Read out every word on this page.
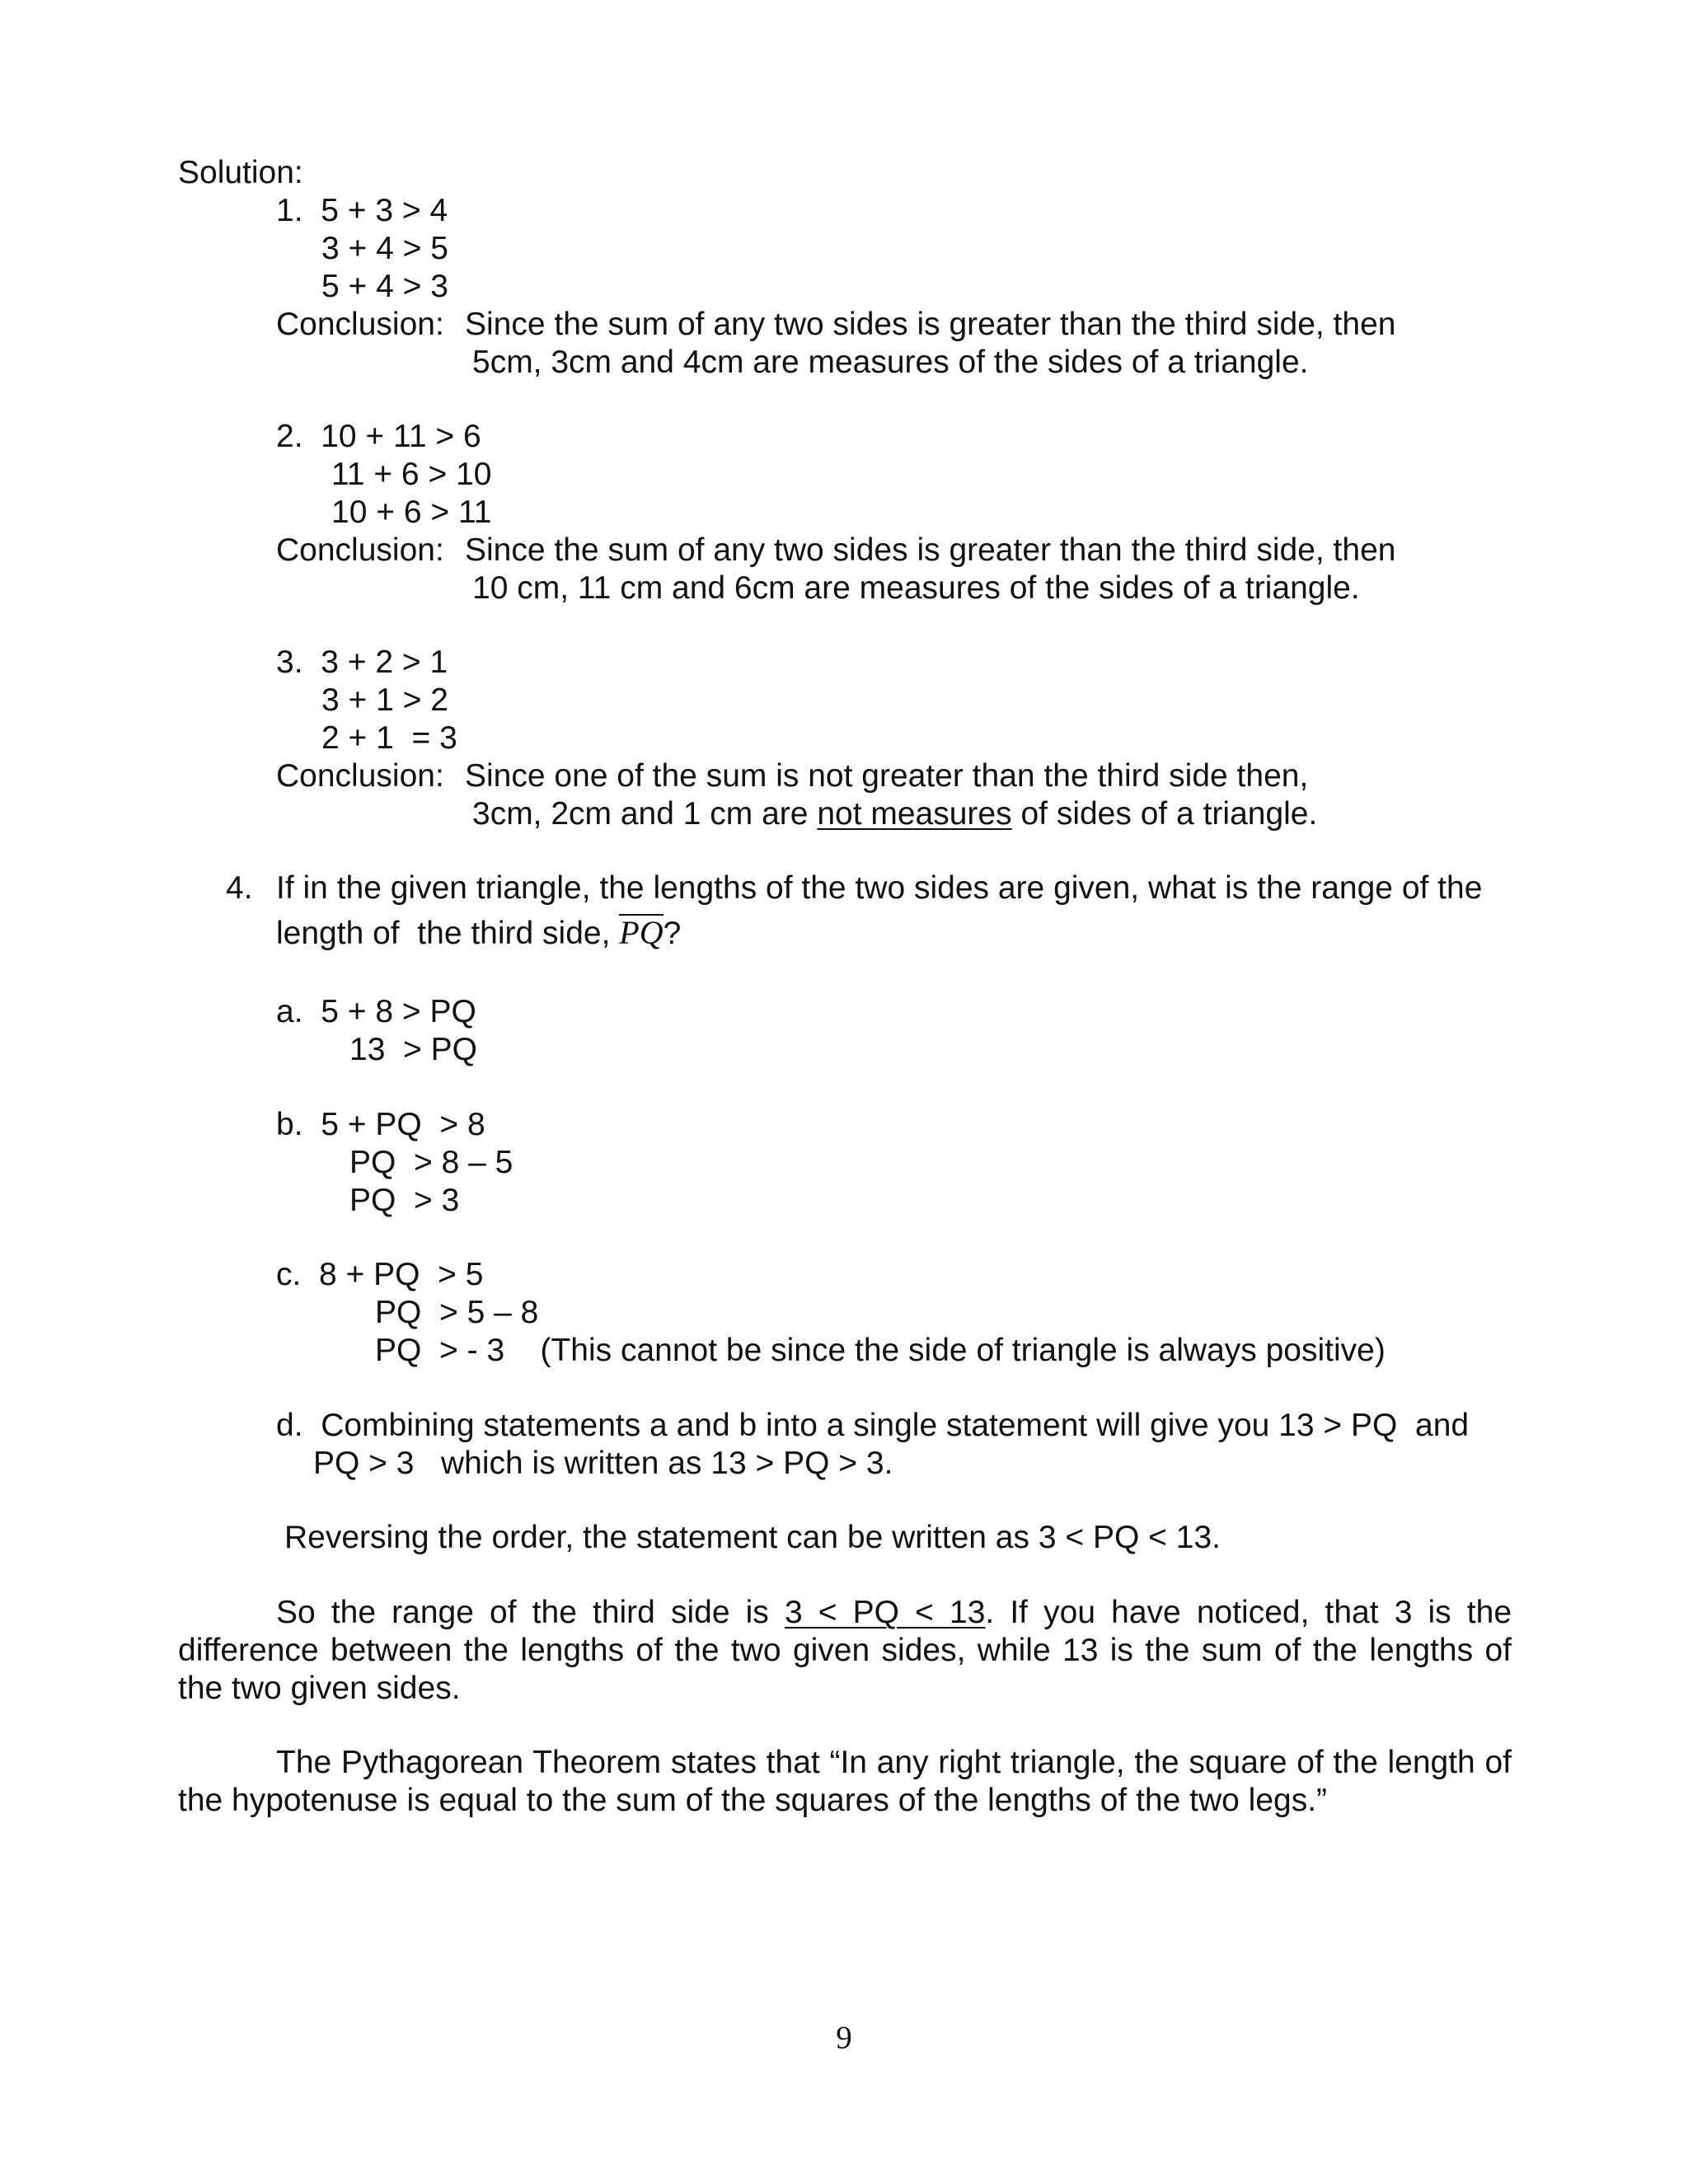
Solution:
1.  5 + 3 > 4
3 + 4 > 5
5 + 4 > 3
Conclusion: Since the sum of any two sides is greater than the third side, then
5cm, 3cm and 4cm are measures of the sides of a triangle.
2.  10 + 11 > 6
11 + 6 > 10
10 + 6 > 11
Conclusion: Since the sum of any two sides is greater than the third side, then
10 cm, 11 cm and 6cm are measures of the sides of a triangle.
3.  3 + 2 > 1
3 + 1 > 2
2 + 1  = 3
Conclusion: Since one of the sum is not greater than the third side then,
3cm, 2cm and 1 cm are not measures of sides of a triangle.
4. If in the given triangle, the lengths of the two sides are given, what is the range of the
length of  the third side, PQ?
a.  5 + 8 > PQ
13  > PQ
b.  5 + PQ  > 8
PQ  > 8 – 5
PQ  > 3
c.  8 + PQ  > 5
PQ  > 5 – 8
PQ  > - 3    (This cannot be since the side of triangle is always positive)
d.  Combining statements a and b into a single statement will give you 13 > PQ  and
PQ > 3   which is written as 13 > PQ > 3.
Reversing the order, the statement can be written as 3 < PQ < 13.
So the range of the third side is 3 < PQ < 13. If you have noticed, that 3 is the difference between the lengths of the two given sides, while 13 is the sum of the lengths of the two given sides.
The Pythagorean Theorem states that “In any right triangle, the square of the length of the hypotenuse is equal to the sum of the squares of the lengths of the two legs.”
9
